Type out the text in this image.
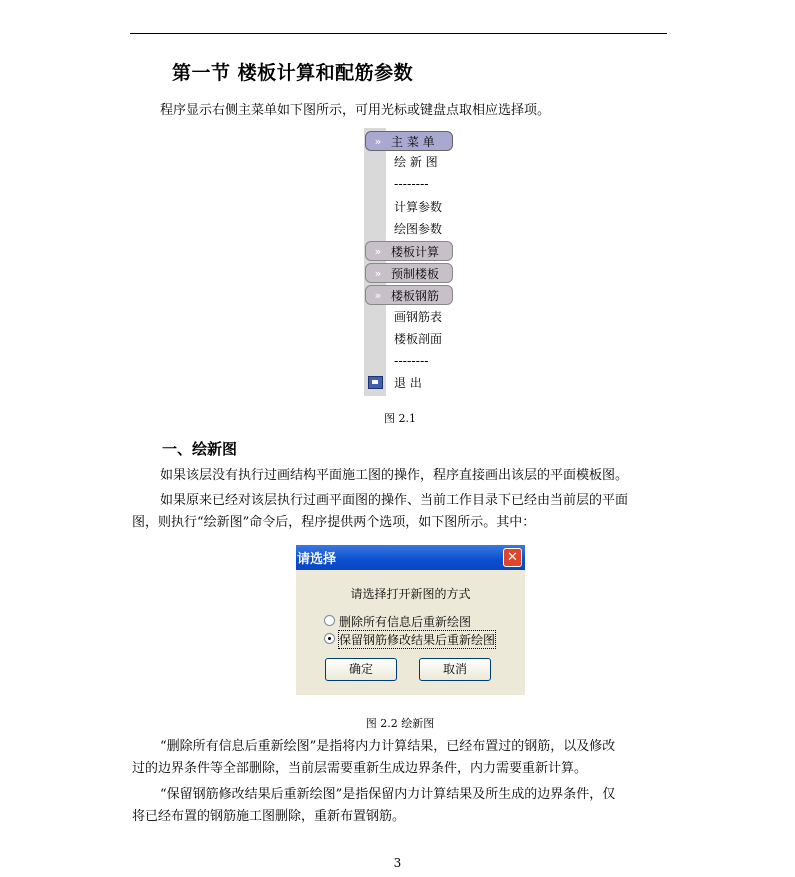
第一节 楼板计算和配筋参数
程序显示右侧主菜单如下图所示，可用光标或键盘点取相应选择项。
» 主 菜 单
绘 新 图
--------
计算参数
绘图参数
» 楼板计算
» 预制楼板
» 楼板钢筋
画钢筋表
楼板剖面
--------
退 出
图 2.1
一、绘新图
如果该层没有执行过画结构平面施工图的操作，程序直接画出该层的平面模板图。
如果原来已经对该层执行过画平面图的操作、当前工作目录下已经由当前层的平面
图，则执行“绘新图”命令后，程序提供两个选项，如下图所示。其中：
请选择	✕
请选择打开新图的方式
删除所有信息后重新绘图
保留钢筋修改结果后重新绘图
确定	取消
图 2.2 绘新图
“删除所有信息后重新绘图”是指将内力计算结果，已经布置过的钢筋，以及修改
过的边界条件等全部删除，当前层需要重新生成边界条件，内力需要重新计算。
“保留钢筋修改结果后重新绘图”是指保留内力计算结果及所生成的边界条件，仅
将已经布置的钢筋施工图删除，重新布置钢筋。
3
